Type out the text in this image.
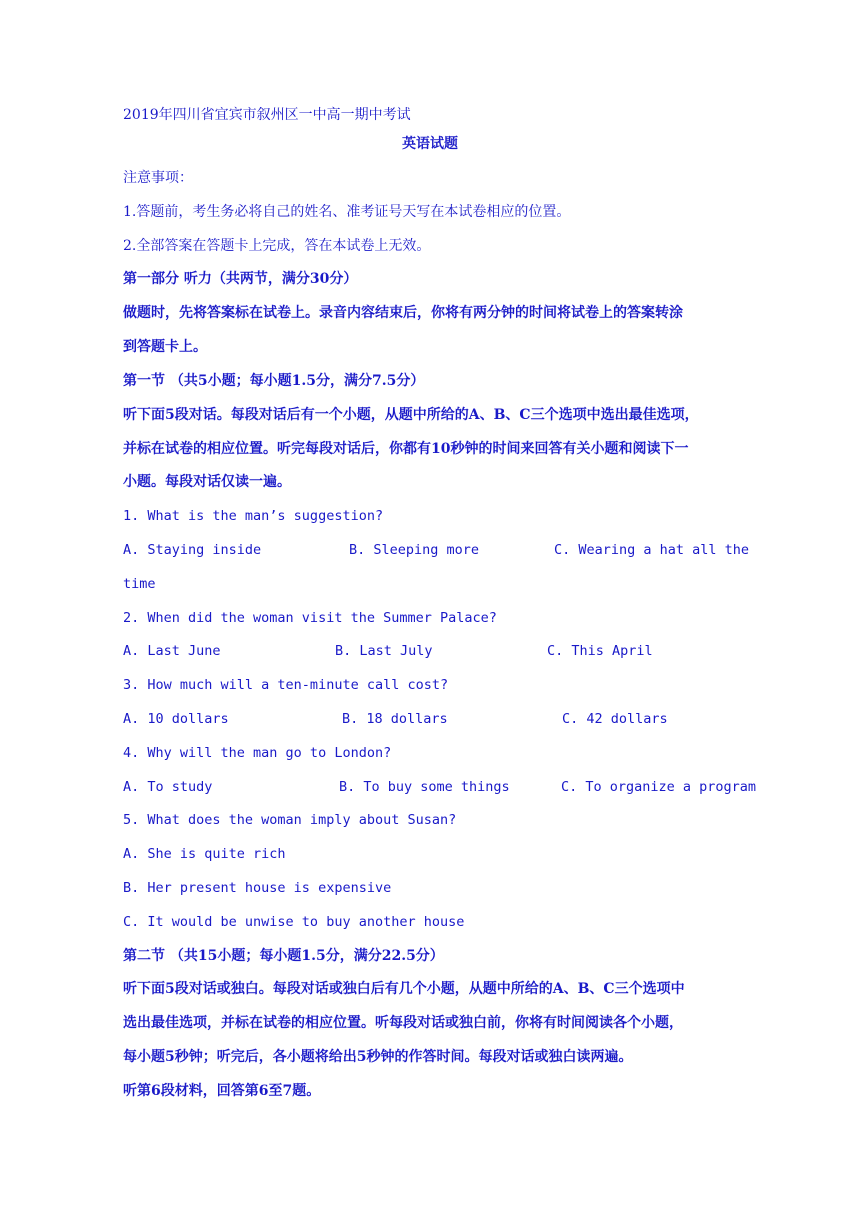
2019年四川省宜宾市叙州区一中高一期中考试
英语试题
注意事项：
1.答题前，考生务必将自己的姓名、准考证号天写在本试卷相应的位置。
2.全部答案在答题卡上完成，答在本试卷上无效。
第一部分 听力（共两节，满分30分）
做题时，先将答案标在试卷上。录音内容结束后，你将有两分钟的时间将试卷上的答案转涂
到答题卡上。
第一节 （共5小题；每小题1.5分，满分7.5分）
听下面5段对话。每段对话后有一个小题，从题中所给的A、B、C三个选项中选出最佳选项，
并标在试卷的相应位置。听完每段对话后，你都有10秒钟的时间来回答有关小题和阅读下一
小题。每段对话仅读一遍。
1. What is the man’s suggestion?
A. Staying inside	B. Sleeping more	C. Wearing a hat all the
time
2. When did the woman visit the Summer Palace?
A. Last June	B. Last July	C. This April
3. How much will a ten-minute call cost?
A. 10 dollars	B. 18 dollars	C. 42 dollars
4. Why will the man go to London?
A. To study	B. To buy some things	C. To organize a program
5. What does the woman imply about Susan?
A. She is quite rich
B. Her present house is expensive
C. It would be unwise to buy another house
第二节 （共15小题；每小题1.5分，满分22.5分）
听下面5段对话或独白。每段对话或独白后有几个小题，从题中所给的A、B、C三个选项中
选出最佳选项，并标在试卷的相应位置。听每段对话或独白前，你将有时间阅读各个小题，
每小题5秒钟；听完后，各小题将给出5秒钟的作答时间。每段对话或独白读两遍。
听第6段材料，回答第6至7题。
